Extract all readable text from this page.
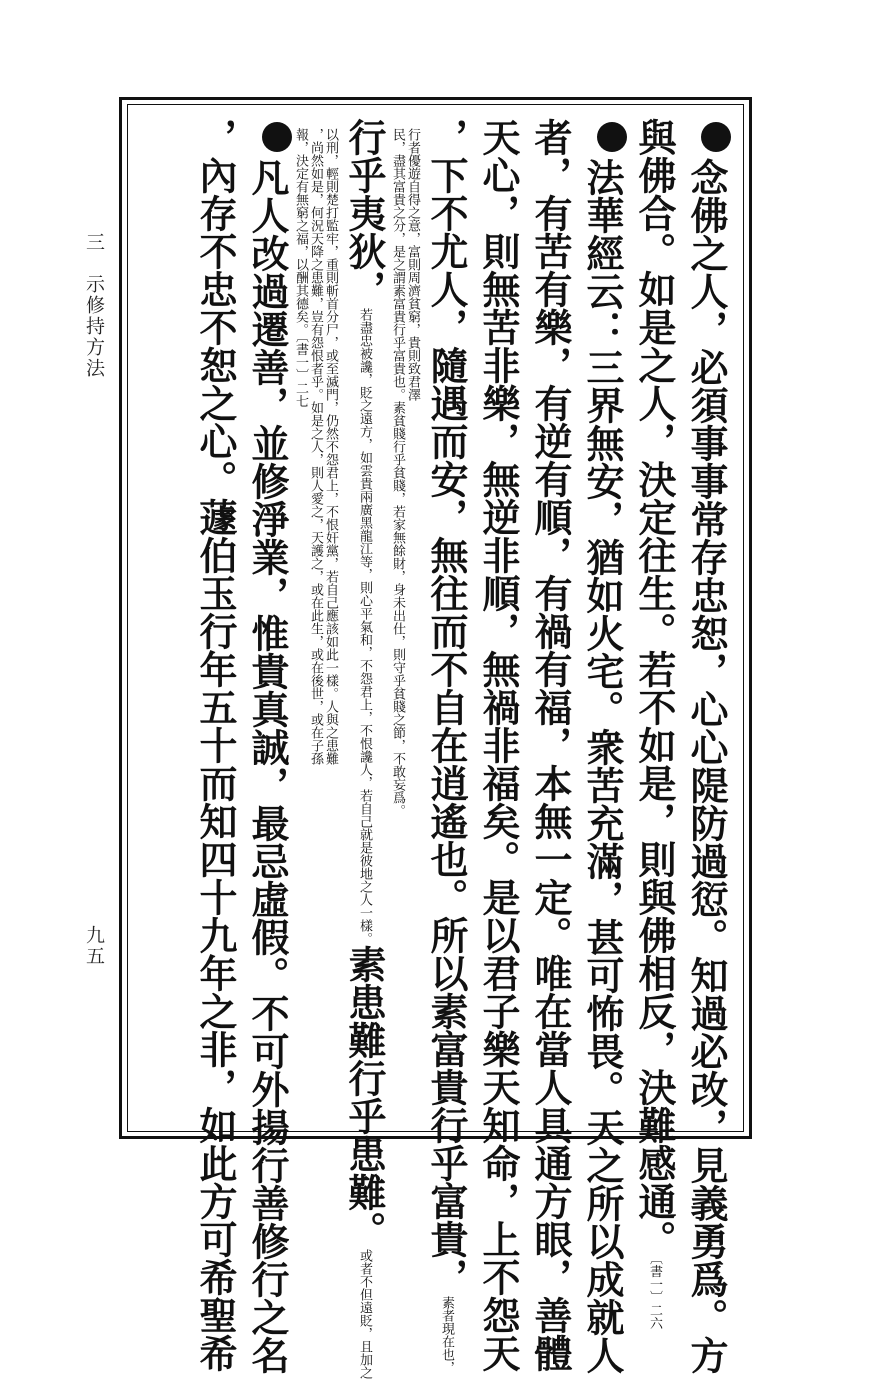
三　示修持方法
九五	念佛之人，必須事事常存忠恕，心心隄防過愆。知過必改，見義勇爲。方
與佛合。如是之人，決定往生。若不如是，則與佛相反，決難感通。〔書一〕二六
法華經云：三界無安，猶如火宅。衆苦充滿，甚可怖畏。天之所以成就人
者，有苦有樂，有逆有順，有禍有福，本無一定。唯在當人具通方眼，善體
天心，則無苦非樂，無逆非順，無禍非福矣。是以君子樂天知命，上不怨天
，下不尤人，隨遇而安，無往而不自在逍遙也。所以素富貴行乎富貴，素者現在也，
行者優遊自得之意，富則周濟貧窮，貴則致君澤
民，盡其富貴之分，是之謂素富貴行乎富貴也。素貧賤行乎貧賤，若家無餘財，身未出仕，則守乎貧賤之節，不敢妄爲。
行乎夷狄，若盡忠被讒，貶之遠方，如雲貴兩廣黑龍江等，則心平氣和，不怨君上，不恨讒人，若自己就是彼地之人一樣。素患難行乎患難。或者不但遠貶，且加之
以刑，輕則楚打監牢，重則斬首分尸，或至滅門，仍然不怨君上，不恨奸黨，若自己應該如此一樣。人與之患難
，尚然如是，何況天降之患難，豈有怨恨者乎。如是之人，則人愛之，天護之，或在此生，或在後世，或在子孫
報，決定有無窮之福，以酬其德矣。〔書一〕二七
凡人改過遷善，並修淨業，惟貴真誠，最忌虛假。不可外揚行善修行之名
，內存不忠不恕之心。蘧伯玉行年五十而知四十九年之非，如此方可希聖希
